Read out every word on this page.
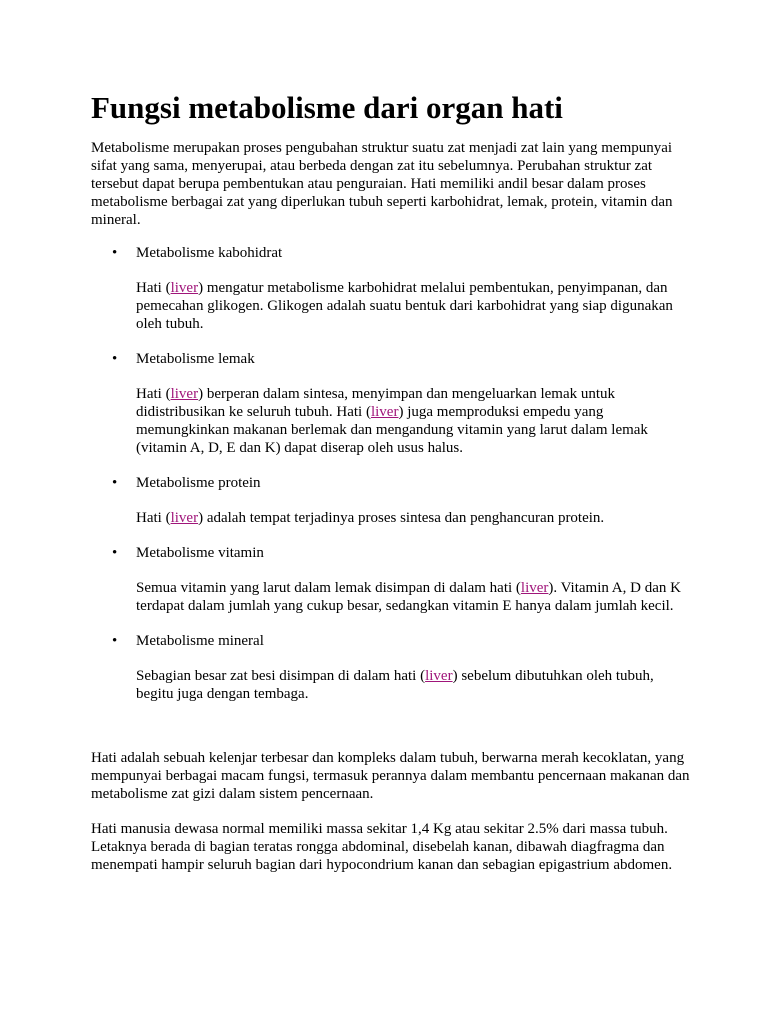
Fungsi metabolisme dari organ hati

Metabolisme merupakan proses pengubahan struktur suatu zat menjadi zat lain yang mempunyai sifat yang sama, menyerupai, atau berbeda dengan zat itu sebelumnya. Perubahan struktur zat tersebut dapat berupa pembentukan atau penguraian. Hati memiliki andil besar dalam proses metabolisme berbagai zat yang diperlukan tubuh seperti karbohidrat, lemak, protein, vitamin dan mineral.

• Metabolisme kabohidrat

Hati (liver) mengatur metabolisme karbohidrat melalui pembentukan, penyimpanan, dan pemecahan glikogen. Glikogen adalah suatu bentuk dari karbohidrat yang siap digunakan oleh tubuh.

• Metabolisme lemak

Hati (liver) berperan dalam sintesa, menyimpan dan mengeluarkan lemak untuk didistribusikan ke seluruh tubuh. Hati (liver) juga memproduksi empedu yang memungkinkan makanan berlemak dan mengandung vitamin yang larut dalam lemak (vitamin A, D, E dan K) dapat diserap oleh usus halus.

• Metabolisme protein

Hati (liver) adalah tempat terjadinya proses sintesa dan penghancuran protein.

• Metabolisme vitamin

Semua vitamin yang larut dalam lemak disimpan di dalam hati (liver). Vitamin A, D dan K terdapat dalam jumlah yang cukup besar, sedangkan vitamin E hanya dalam jumlah kecil.

• Metabolisme mineral

Sebagian besar zat besi disimpan di dalam hati (liver) sebelum dibutuhkan oleh tubuh, begitu juga dengan tembaga.

Hati adalah sebuah kelenjar terbesar dan kompleks dalam tubuh, berwarna merah kecoklatan, yang mempunyai berbagai macam fungsi, termasuk perannya dalam membantu pencernaan makanan dan metabolisme zat gizi dalam sistem pencernaan.

Hati manusia dewasa normal memiliki massa sekitar 1,4 Kg atau sekitar 2.5% dari massa tubuh. Letaknya berada di bagian teratas rongga abdominal, disebelah kanan, dibawah diagfragma dan menempati hampir seluruh bagian dari hypocondrium kanan dan sebagian epigastrium abdomen.
